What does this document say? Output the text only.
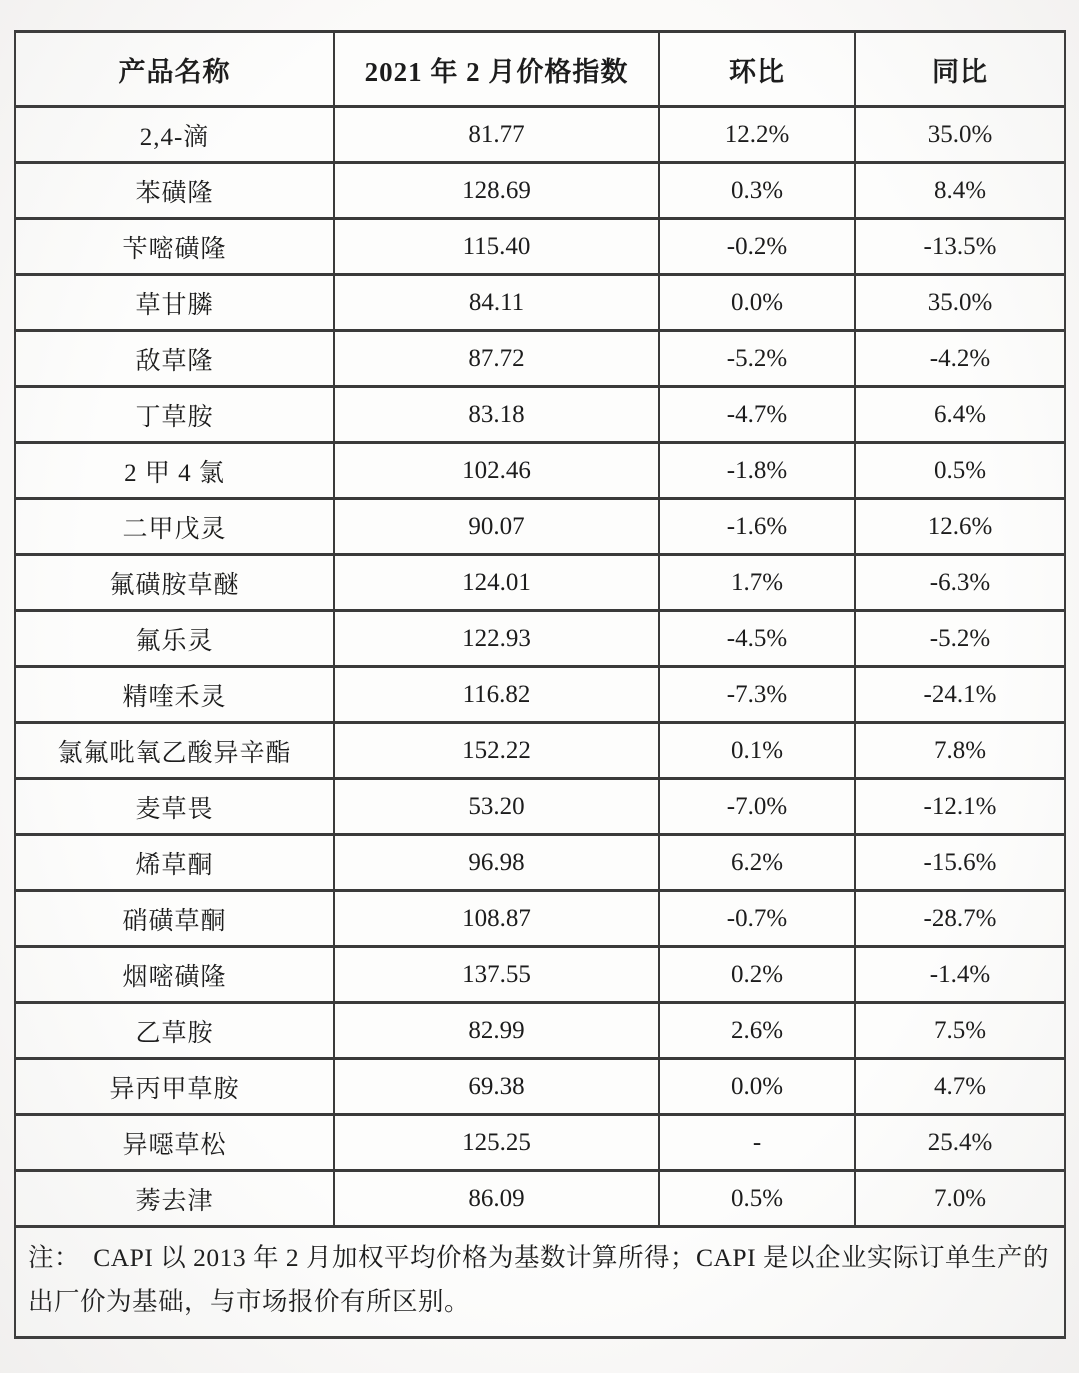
产品名称	2021 年 2 月价格指数	环比	同比
2,4-滴	81.77	12.2%	35.0%
苯磺隆	128.69	0.3%	8.4%
苄嘧磺隆	115.40	-0.2%	-13.5%
草甘膦	84.11	0.0%	35.0%
敌草隆	87.72	-5.2%	-4.2%
丁草胺	83.18	-4.7%	6.4%
2 甲 4 氯	102.46	-1.8%	0.5%
二甲戊灵	90.07	-1.6%	12.6%
氟磺胺草醚	124.01	1.7%	-6.3%
氟乐灵	122.93	-4.5%	-5.2%
精喹禾灵	116.82	-7.3%	-24.1%
氯氟吡氧乙酸异辛酯	152.22	0.1%	7.8%
麦草畏	53.20	-7.0%	-12.1%
烯草酮	96.98	6.2%	-15.6%
硝磺草酮	108.87	-0.7%	-28.7%
烟嘧磺隆	137.55	0.2%	-1.4%
乙草胺	82.99	2.6%	7.5%
异丙甲草胺	69.38	0.0%	4.7%
异噁草松	125.25	-	25.4%
莠去津	86.09	0.5%	7.0%
注：　CAPI 以 2013 年 2 月加权平均价格为基数计算所得；CAPI 是以企业实际订单生产的出厂价为基础，与市场报价有所区别。			
